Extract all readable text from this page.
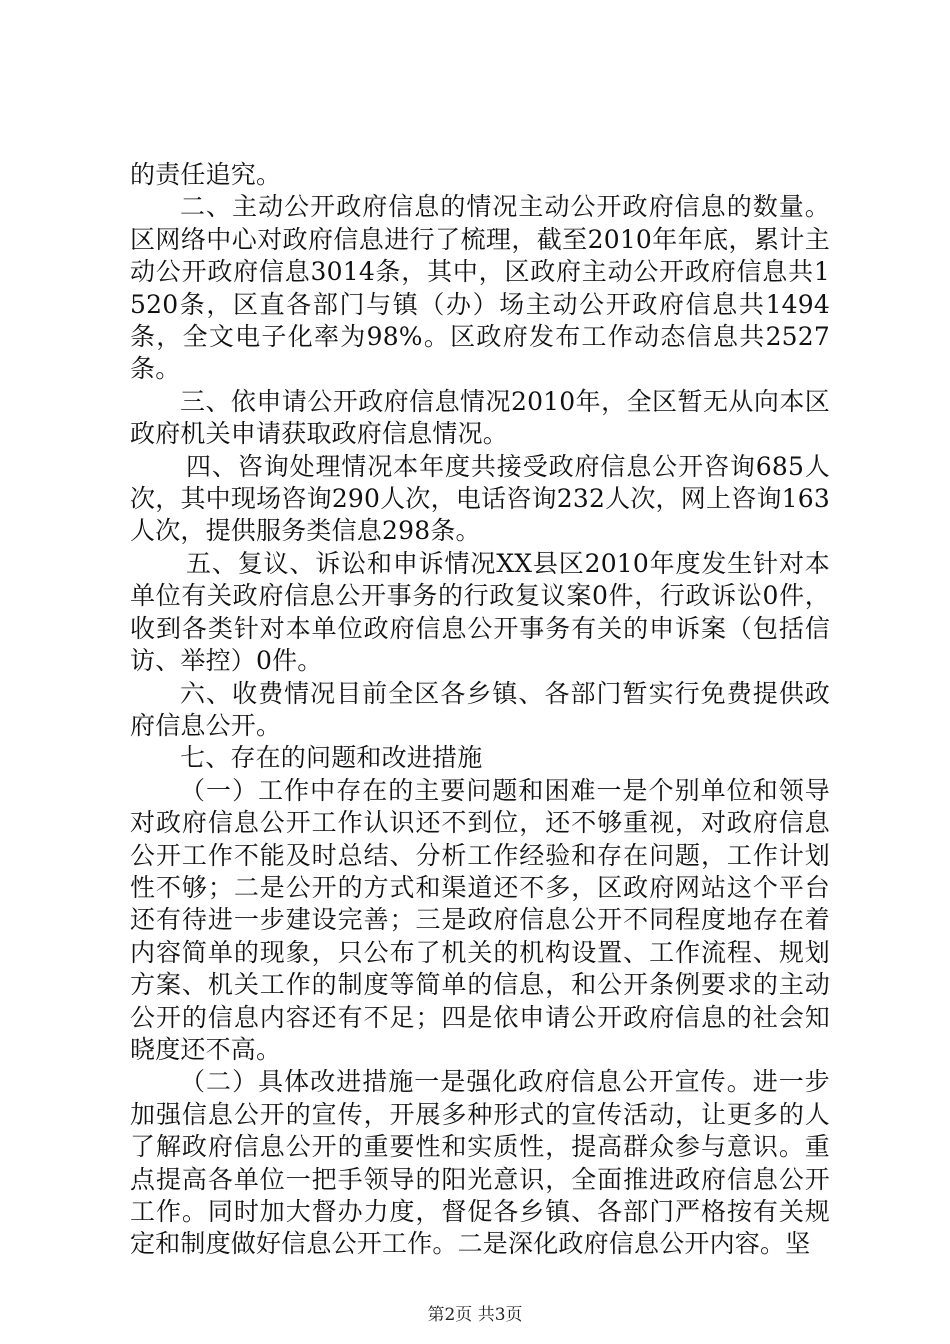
的责任追究。

二、主动公开政府信息的情况主动公开政府信息的数量。区网络中心对政府信息进行了梳理，截至2010年年底，累计主动公开政府信息3014条，其中，区政府主动公开政府信息共1520条，区直各部门与镇（办）场主动公开政府信息共1494条，全文电子化率为98%。区政府发布工作动态信息共2527条。

三、依申请公开政府信息情况2010年，全区暂无从向本区政府机关申请获取政府信息情况。

四、咨询处理情况本年度共接受政府信息公开咨询685人次，其中现场咨询290人次，电话咨询232人次，网上咨询163人次，提供服务类信息298条。

五、复议、诉讼和申诉情况XX县区2010年度发生针对本单位有关政府信息公开事务的行政复议案0件，行政诉讼0件，收到各类针对本单位政府信息公开事务有关的申诉案（包括信访、举控）0件。

六、收费情况目前全区各乡镇、各部门暂实行免费提供政府信息公开。

七、存在的问题和改进措施

（一）工作中存在的主要问题和困难一是个别单位和领导对政府信息公开工作认识还不到位，还不够重视，对政府信息公开工作不能及时总结、分析工作经验和存在问题，工作计划性不够；二是公开的方式和渠道还不多，区政府网站这个平台还有待进一步建设完善；三是政府信息公开不同程度地存在着内容简单的现象，只公布了机关的机构设置、工作流程、规划方案、机关工作的制度等简单的信息，和公开条例要求的主动公开的信息内容还有不足；四是依申请公开政府信息的社会知晓度还不高。

（二）具体改进措施一是强化政府信息公开宣传。进一步加强信息公开的宣传，开展多种形式的宣传活动，让更多的人了解政府信息公开的重要性和实质性，提高群众参与意识。重点提高各单位一把手领导的阳光意识，全面推进政府信息公开工作。同时加大督办力度，督促各乡镇、各部门严格按有关规定和制度做好信息公开工作。二是深化政府信息公开内容。坚

第2页 共3页
